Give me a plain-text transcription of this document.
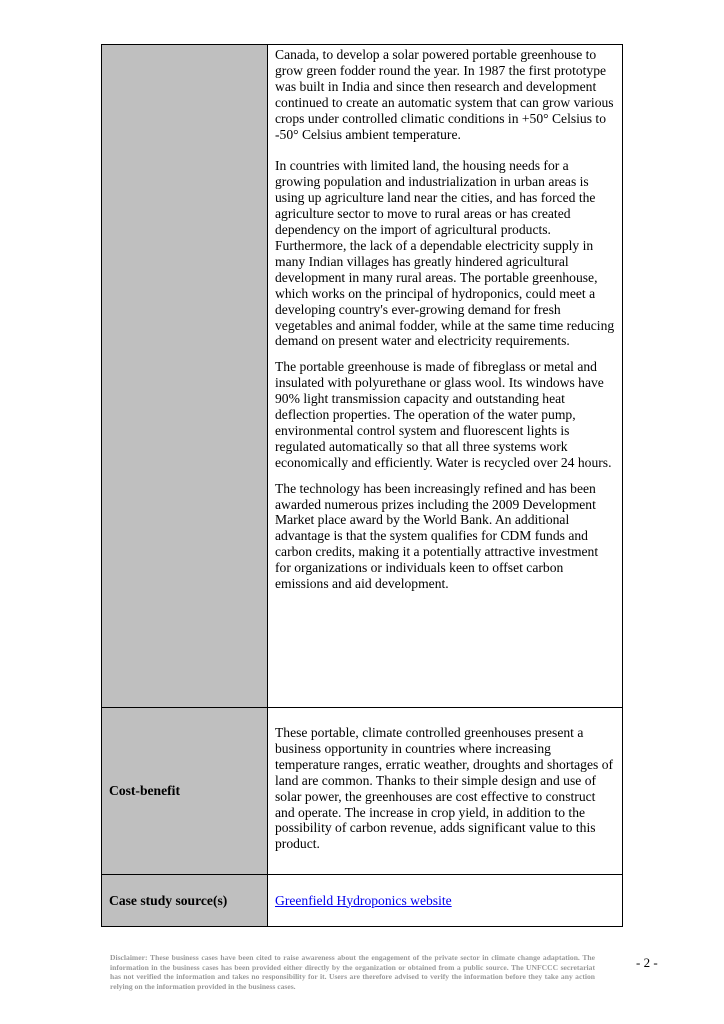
	Canada, to develop a solar powered portable greenhouse to grow green fodder round the year. In 1987 the first prototype was built in India and since then research and development continued to create an automatic system that can grow various crops under controlled climatic conditions in +50° Celsius to -50° Celsius ambient temperature.

In countries with limited land, the housing needs for a growing population and industrialization in urban areas is using up agriculture land near the cities, and has forced the agriculture sector to move to rural areas or has created dependency on the import of agricultural products. Furthermore, the lack of a dependable electricity supply in many Indian villages has greatly hindered agricultural development in many rural areas. The portable greenhouse, which works on the principal of hydroponics, could meet a developing country's ever-growing demand for fresh vegetables and animal fodder, while at the same time reducing demand on present water and electricity requirements.

The portable greenhouse is made of fibreglass or metal and insulated with polyurethane or glass wool. Its windows have 90% light transmission capacity and outstanding heat deflection properties. The operation of the water pump, environmental control system and fluorescent lights is regulated automatically so that all three systems work economically and efficiently. Water is recycled over 24 hours.

The technology has been increasingly refined and has been awarded numerous prizes including the 2009 Development Market place award by the World Bank. An additional advantage is that the system qualifies for CDM funds and carbon credits, making it a potentially attractive investment for organizations or individuals keen to offset carbon emissions and aid development.

Cost-benefit	These portable, climate controlled greenhouses present a business opportunity in countries where increasing temperature ranges, erratic weather, droughts and shortages of land are common. Thanks to their simple design and use of solar power, the greenhouses are cost effective to construct and operate. The increase in crop yield, in addition to the possibility of carbon revenue, adds significant value to this product.

Case study source(s)	Greenfield Hydroponics website
Disclaimer: These business cases have been cited to raise awareness about the engagement of the private sector in climate change adaptation. The information in the business cases has been provided either directly by the organization or obtained from a public source. The UNFCCC secretariat has not verified the information and takes no responsibility for it. Users are therefore advised to verify the information before they take any action relying on the information provided in the business cases.
- 2 -
